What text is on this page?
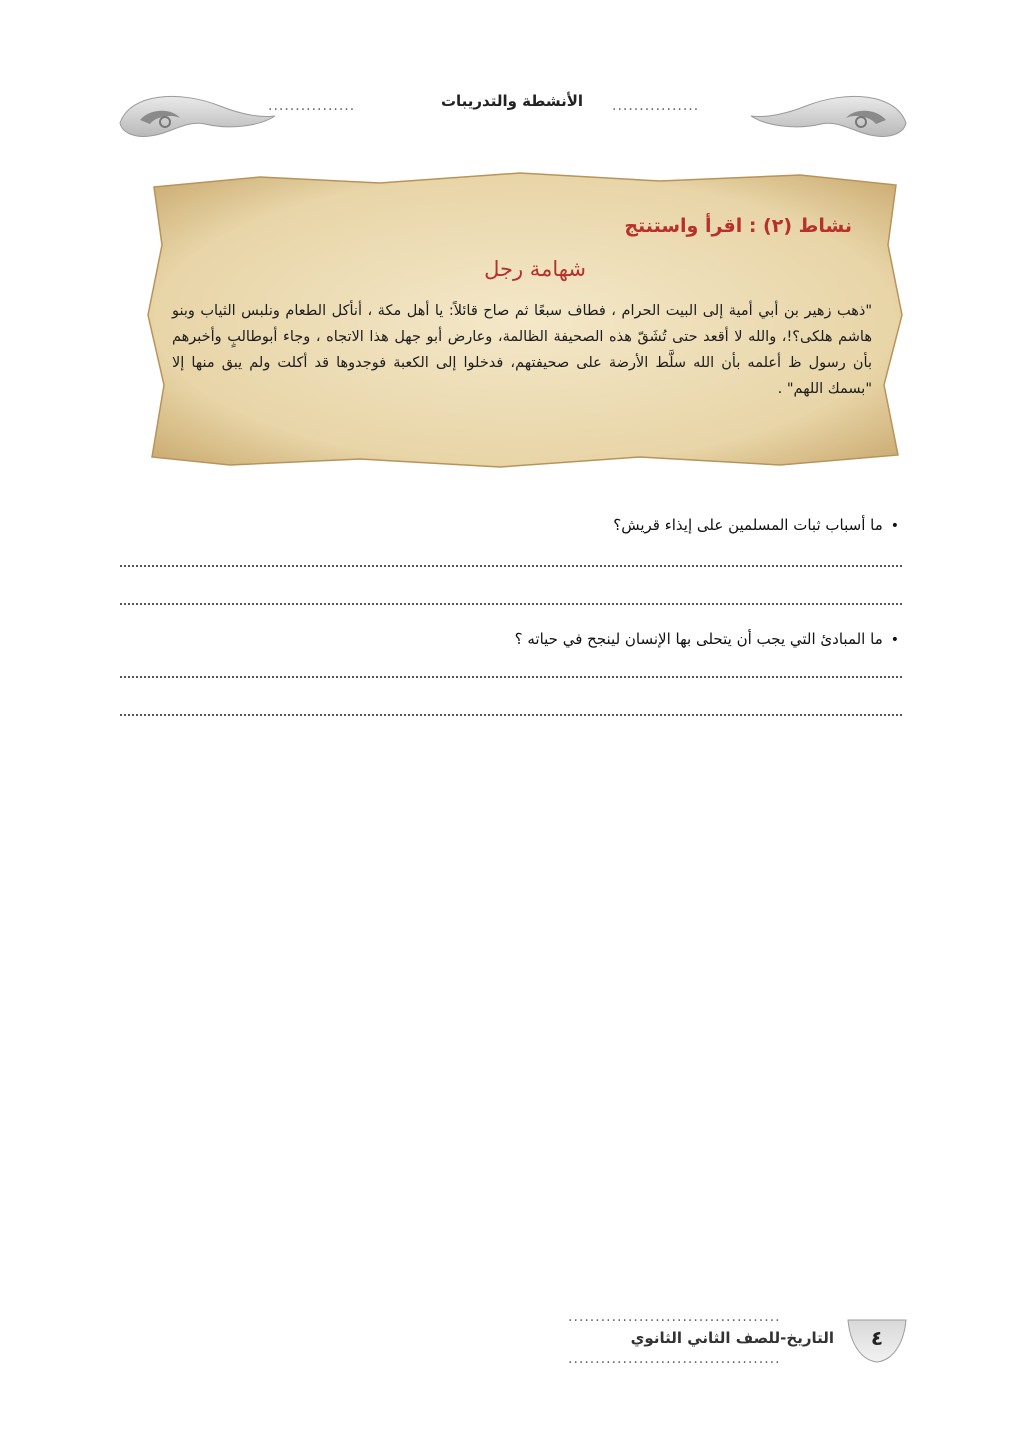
................	................
الأنشطة والتدريبات
نشاط (٢) : اقرأ واستنتج
شهامة رجل
"ذهب زهير بن أبي أمية إلى البيت الحرام ، فطاف سبعًا ثم صاح قائلاً: يا أهل مكة ، أنأكل الطعام ونلبس الثياب وبنو هاشم هلكى؟!، والله لا أقعد حتى تُشَقّ هذه الصحيفة الظالمة، وعارض أبو جهل هذا الاتجاه ، وجاء أبوطالبٍ وأخبرهم بأن رسول ظ أعلمه بأن الله سلَّط الأرضة على صحيفتهم، فدخلوا إلى الكعبة فوجدوها قد أكلت ولم يبق منها إلا "بسمك اللهم" .
•ما أسباب ثبات المسلمين على إيذاء قريش؟
•ما المبادئ التي يجب أن يتحلى بها الإنسان لينجح في حياته ؟
٤
.......................................
التاريخ-للصف الثاني الثانوي
.......................................
